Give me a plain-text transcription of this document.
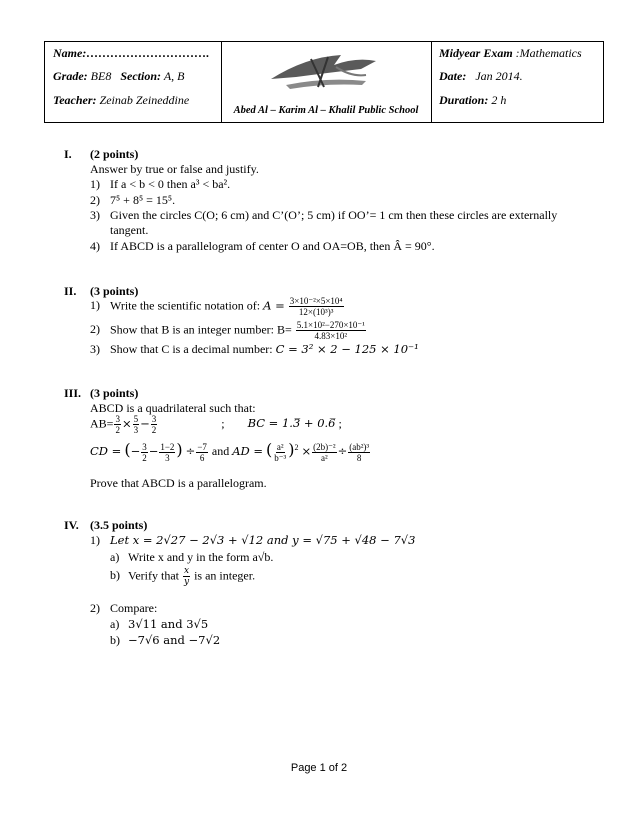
Name:………………………….
Grade: BE8 Section: A, B
Teacher: Zeinab Zeineddine
Abed Al – Karim Al – Khalil Public School
Midyear Exam :Mathematics
Date: Jan 2014.
Duration: 2 h
I. (2 points)
Answer by true or false and justify.
1) If a < b < 0 then a³ < ba².
2) 7⁵ + 8⁵ = 15⁵.
3) Given the circles C(O; 6 cm) and C’(O’; 5 cm) if OO’= 1 cm then these circles are externally
tangent.
4) If ABCD is a parallelogram of center O and OA=OB, then Â = 90°.
II. (3 points)
1) Write the scientific notation of: $A = \frac{\text{3×10⁻²×5×10⁴}}{\text{12×(10³)³}}$
2) Show that B is an integer number: $B= \frac{\text{5.1×10²−270×10⁻¹}}{\text{4.83×10²}}$
3) Show that C is a decimal number: C = 3² × 2 − 125 × 10⁻¹
III. (3 points)
ABCD is a quadrilateral such that:
$AB= \frac{3}{2} \times \frac{5}{3} - \frac{3}{2}$	; BC = 1.3̅ + 0.6̅ ;
CD = (− $\frac{3}{2} - \frac{1-2}{3}$ ) ÷ $\frac{-7}{6}$ and AD = ( $\frac{\text{a²}}{\text{b⁻³}} )^2 \times \frac{\text{(2b)⁻²}}{\text{a²}} \div \frac{\text{(ab²)³}}{8}$
Prove that ABCD is a parallelogram.
IV. (3.5 points)
1) Let x = 2√27 − 2√3 + √12 and y = √75 + √48 − 7√3
a) Write x and y in the form a√b.
b) Verify that $\frac{x}{y}$ is an integer.
2) Compare:
a) 3√11 and 3√5
b) −7√6 and −7√2
Page 1 of 2
